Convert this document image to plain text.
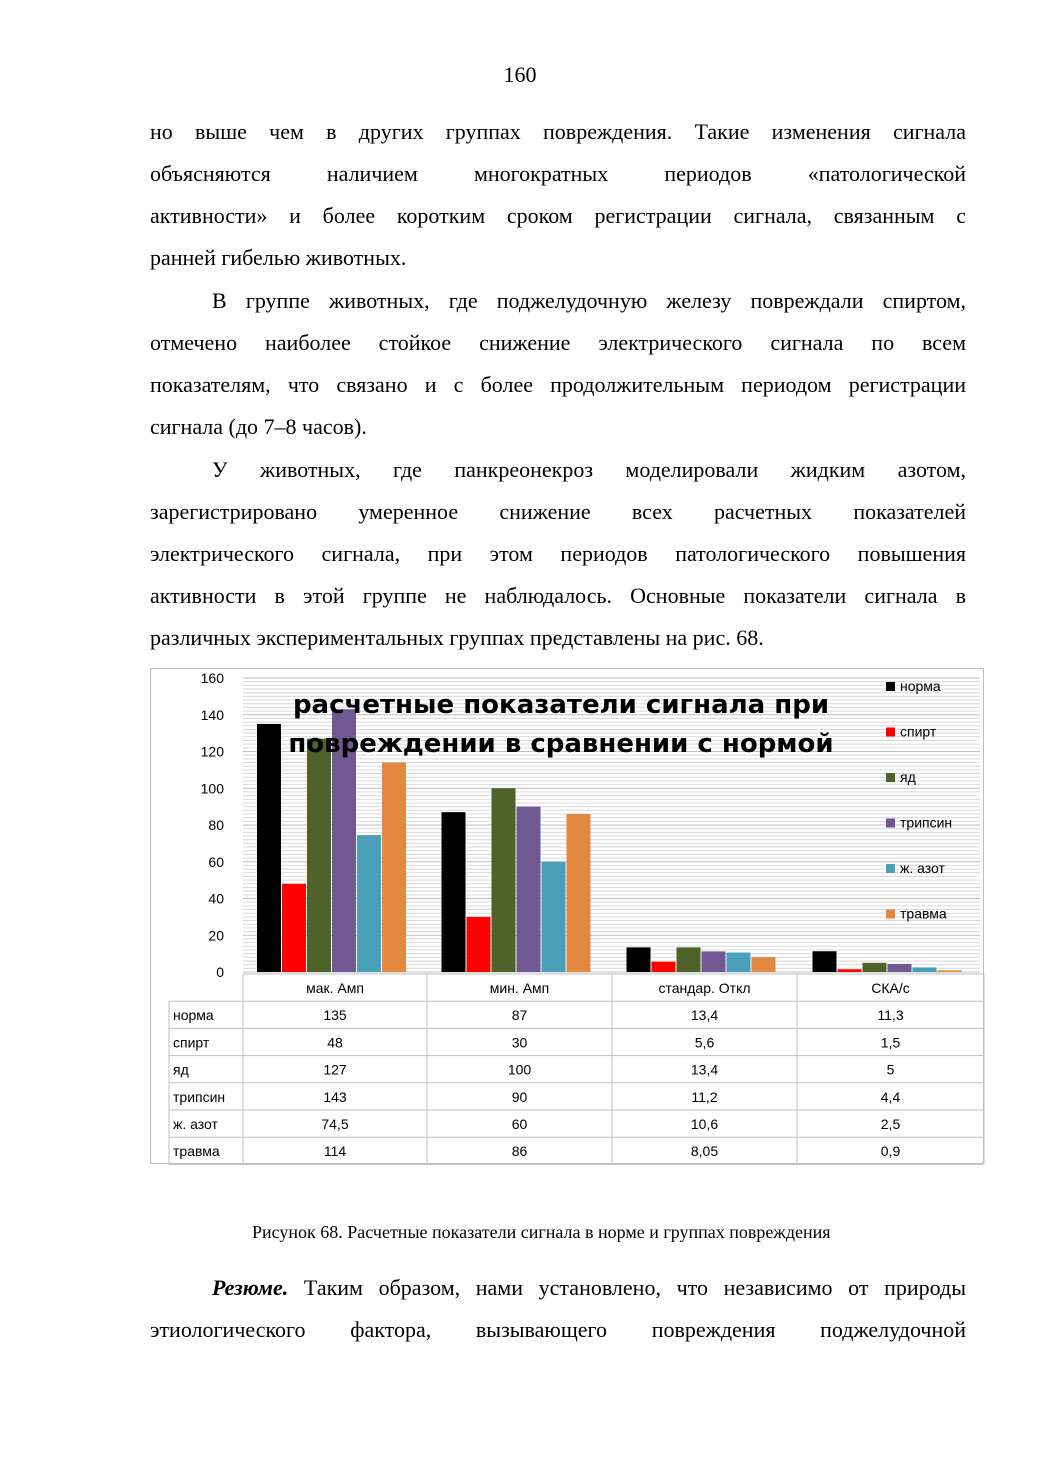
160
но выше чем в других группах повреждения. Такие изменения сигнала
объясняются наличием многократных периодов «патологической
активности» и более коротким сроком регистрации сигнала, связанным с
ранней гибелью животных.
В группе животных, где поджелудочную железу повреждали спиртом,
отмечено наиболее стойкое снижение электрического сигнала по всем
показателям, что связано и с более продолжительным периодом регистрации
сигнала (до 7–8 часов).
У животных, где панкреонекроз моделировали жидким азотом,
зарегистрировано умеренное снижение всех расчетных показателей
электрического сигнала, при этом периодов патологического повышения
активности в этой группе не наблюдалось. Основные показатели сигнала в
различных экспериментальных группах представлены на рис. 68.
0
20
40
60
80
100
120
140
160
расчетные показатели сигнала при
повреждении в сравнении с нормой
норма
спирт
яд
трипсин
ж. азот
травма
мак. Амп	мин. Амп	стандар. Откл	СКА/с
норма	135	87	13,4	11,3
спирт	48	30	5,6	1,5
яд	127	100	13,4	5
трипсин	143	90	11,2	4,4
ж. азот	74,5	60	10,6	2,5
травма	114	86	8,05	0,9
Рисунок 68. Расчетные показатели сигнала в норме и группах повреждения
Резюме. Таким образом, нами установлено, что независимо от природы
этиологического фактора, вызывающего повреждения поджелудочной
